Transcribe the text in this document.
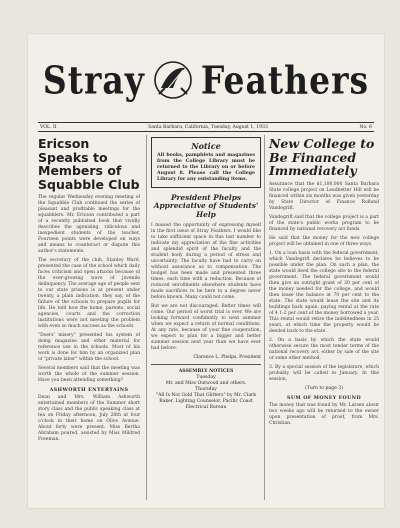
Stray Feathers
VOL. II	Santa Barbara, California, Tuesday, August 1, 1933	No. 6
Ericson Speaks to Members of Squabble Club

The regular Wednesday evening meeting of the Squabble Club continued the series of pleasant and profitable meetings for the squabblers. Mr. Ericson contributed a part of a recently published book that vividly describes the agonizing, ridiculous and inexpedient students of the teacher. Fourteen points were developed on ways and means to counteract or dispute this author's statements.

The secretary of the club, Stanley Ward, presented the case of the school which daily faces criticism and open attacks because of the ever-growing wave of juvenile delinquency. The average age of people sent to our state prisons is at present under twenty, a plain indication, they say, of the failure of the schools to prepare pupils for life. He told how the home, parents, social agencies, courts and the correction institutions were not meeting the problem with even so much success as the schools.

"Doers' misery" presented his system of doing magazine and other material for reference use in the schools. Most of his work is done for him by an organized plan of "private labor" within the school.

Several members said that the meeting was worth the whole of the summer session. Have you been attending something?

ASHWORTH ENTERTAINS

Dean and Mrs. William Ashworth entertained members of the Summer short story class and the public speaking class at tea on Friday afternoon, July 28th at four o'clock in their home on Olive Avenue. About forty were present. Miss Bertha Abraham poured, assisted by Miss Mildred Freeman.

Notice
All books, pamphlets and magazines from the College Library must be returned to the Library on or before August 8. Please call the College Library for any outstanding items.
President Phelps Appreciative of Students' Help

I missed the opportunity of expressing myself in the first issue of Stray Feathers. I would like to take sufficient space in this last number to indicate my appreciation of the fine activities and splendid spirit of the faculty and the student body during a period of stress and uncertainty. The faculty have had to carry on without assurance as to compensation. The budget has been made and presented three times, each time with a reduction. Because of reduced enrollments elsewhere students have made sacrifices to be here to a degree never before known. Many could not come.

But we are not discouraged. Better times will come. Our period of worst trial is over. We are looking forward confidently to next summer when we expect a return of normal conditions. At any rate, because of your fine cooperation, we expect to plan for a bigger and better summer session next year than we have ever had before.

Clarence L. Phelps, President
ASSEMBLY NOTICES
Tuesday
Mr. and Miss Outwood and others.
Thursday
"All Is Not Gold That Glitters" by Mr. Clark Baker, Lighting Counselor, Pacific Coast Electrical Bureau
New College to Be Financed Immediately

Assurance that the $1,100,000 Santa Barbara State college project on Leadbetter Hill will be financed within six months was given yesterday by State Director of Finance Rolland Vandegrift.

Vandegrift said that the college project is a part of the state's public works program to be financed by national recovery act funds.

He said that the money for the new college project will be obtained in one of three ways.

1. On a loan basis with the federal government, which Vandegrift declares he believes to be possible under the plan. On such a plan, the state would deed the college site to the federal government. The federal government would then give an outright grant of 30 per cent of the money needed for the college, and would then lease the balance at 70 per cent to the state. The state would lease the site and its buildings back again, paying rental at the rate of 4 1-2 per cent of the money borrowed a year. This rental would retire the indebtedness in 25 years, at which time the property would be deeded back to the state.

2. On a basis by which the state would otherwise secure the most tender terms of the national recovery act, either by sale of the site or some other method.

3. By a special session of the legislature, which probably will be called in January. In this session,

(Turn to page 3)
SUM OF MONEY FOUND

The money that was found by Mr. Larsen about two weeks ago will be returned to the owner upon presentation of proof, from Mrs. Christian.
